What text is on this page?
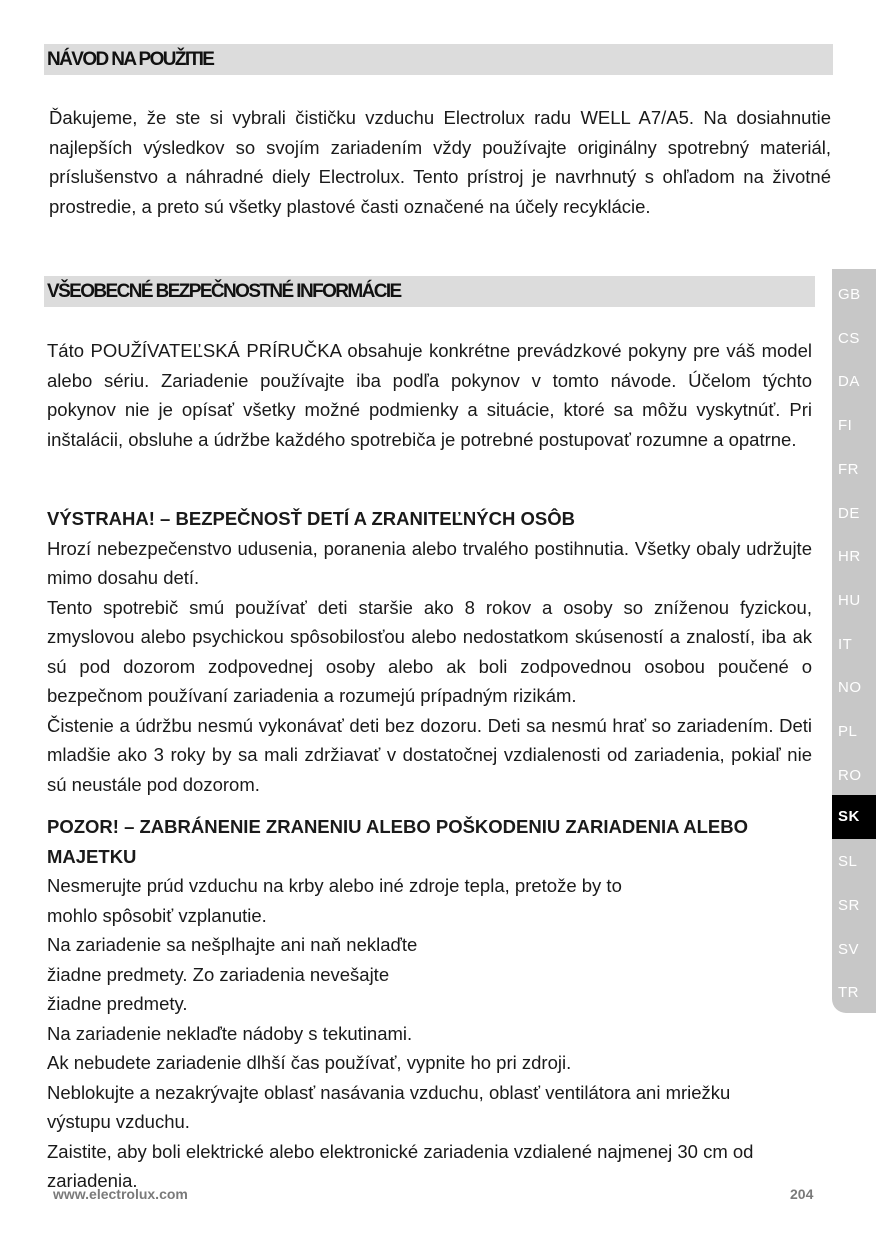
NÁVOD NA POUŽITIE

Ďakujeme, že ste si vybrali čističku vzduchu Electrolux radu WELL A7/A5. Na dosiahnutie najlepších výsledkov so svojím zariadením vždy používajte originálny spotrebný materiál, príslušenstvo a náhradné diely Electrolux. Tento prístroj je navrhnutý s ohľadom na životné prostredie, a preto sú všetky plastové časti označené na účely recyklácie.

VŠEOBECNÉ BEZPEČNOSTNÉ INFORMÁCIE

Táto POUŽÍVATEĽSKÁ PRÍRUČKA obsahuje konkrétne prevádzkové pokyny pre váš model alebo sériu. Zariadenie používajte iba podľa pokynov v tomto návode. Účelom týchto pokynov nie je opísať všetky možné podmienky a situácie, ktoré sa môžu vyskytnúť. Pri inštalácii, obsluhe a údržbe každého spotrebiča je potrebné postupovať rozumne a opatrne.

VÝSTRAHA! – BEZPEČNOSŤ DETÍ A ZRANITEĽNÝCH OSÔB

Hrozí nebezpečenstvo udusenia, poranenia alebo trvalého postihnutia. Všetky obaly udržujte mimo dosahu detí.

Tento spotrebič smú používať deti staršie ako 8 rokov a osoby so zníženou fyzickou, zmyslovou alebo psychickou spôsobilosťou alebo nedostatkom skúseností a znalostí, iba ak sú pod dozorom zodpovednej osoby alebo ak boli zodpovednou osobou poučené o bezpečnom používaní zariadenia a rozumejú prípadným rizikám.

Čistenie a údržbu nesmú vykonávať deti bez dozoru. Deti sa nesmú hrať so zariadením. Deti mladšie ako 3 roky by sa mali zdržiavať v dostatočnej vzdialenosti od zariadenia, pokiaľ nie sú neustále pod dozorom.

POZOR! – ZABRÁNENIE ZRANENIU ALEBO POŠKODENIU ZARIADENIA ALEBO

MAJETKU

Nesmerujte prúd vzduchu na krby alebo iné zdroje tepla, pretože by to

mohlo spôsobiť vzplanutie.

Na zariadenie sa nešplhajte ani naň neklaďte

žiadne predmety. Zo zariadenia nevešajte

žiadne predmety.

Na zariadenie neklaďte nádoby s tekutinami.

Ak nebudete zariadenie dlhší čas používať, vypnite ho pri zdroji.

Neblokujte a nezakrývajte oblasť nasávania vzduchu, oblasť ventilátora ani mriežku

výstupu vzduchu.

Zaistite, aby boli elektrické alebo elektronické zariadenia vzdialené najmenej 30 cm od

zariadenia.

GB
CS
DA
FI
FR
DE
HR
HU
IT
NO
PL
RO
SK
SL
SR
SV
TR
www.electrolux.com	204
